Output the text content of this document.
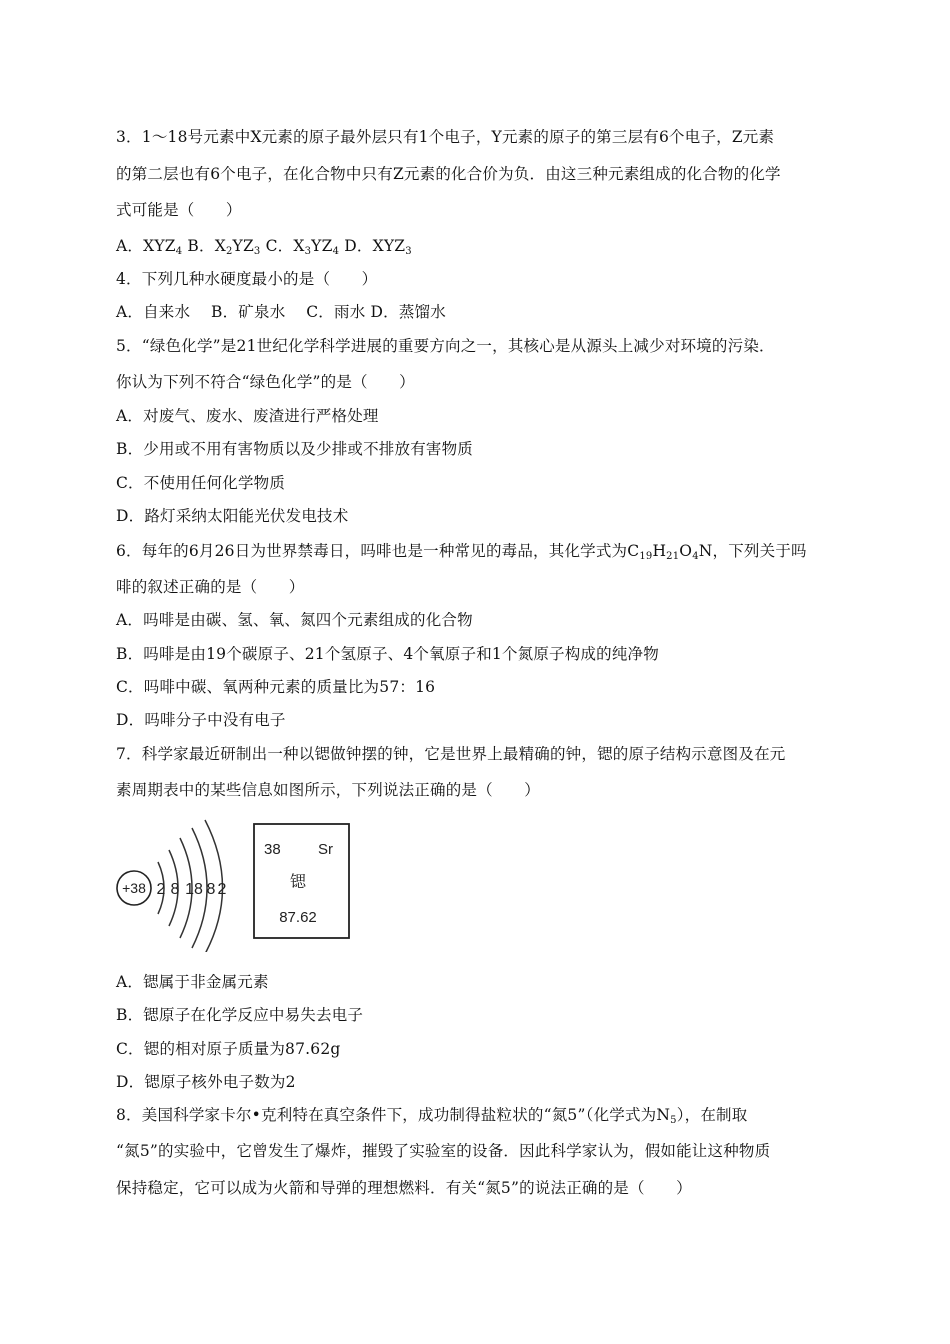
3．1～18号元素中X元素的原子最外层只有1个电子，Y元素的原子的第三层有6个电子，Z元素
的第二层也有6个电子，在化合物中只有Z元素的化合价为负．由这三种元素组成的化合物的化学
式可能是（　　）
A．$XYZ_4$ B．$X_2YZ_3$ C．$X_3YZ_4$ D．$XYZ_3$
4．下列几种水硬度最小的是（　　）
A．自来水　 B．矿泉水　 C．雨水 D．蒸馏水
5．“绿色化学”是21世纪化学科学进展的重要方向之一，其核心是从源头上减少对环境的污染．
你认为下列不符合“绿色化学”的是（　　）
A．对废气、废水、废渣进行严格处理
B．少用或不用有害物质以及少排或不排放有害物质
C．不使用任何化学物质
D．路灯采纳太阳能光伏发电技术
6．每年的6月26日为世界禁毒日，吗啡也是一种常见的毒品，其化学式为$C_{19}H_{21}O_4N$，下列关于吗
啡的叙述正确的是（　　）
A．吗啡是由碳、氢、氧、氮四个元素组成的化合物
B．吗啡是由19个碳原子、21个氢原子、4个氧原子和1个氮原子构成的纯净物
C．吗啡中碳、氧两种元素的质量比为57：16
D．吗啡分子中没有电子
7．科学家最近研制出一种以锶做钟摆的钟，它是世界上最精确的钟，锶的原子结构示意图及在元
素周期表中的某些信息如图所示，下列说法正确的是（　　）
+38 2 8 18 8 2
38 Sr
锶
87.62
A．锶属于非金属元素
B．锶原子在化学反应中易失去电子
C．锶的相对原子质量为87.62g
D．锶原子核外电子数为2
8．美国科学家卡尔•克利特在真空条件下，成功制得盐粒状的“氮5”（化学式为$N_5$），在制取
“氮5”的实验中，它曾发生了爆炸，摧毁了实验室的设备．因此科学家认为，假如能让这种物质
保持稳定，它可以成为火箭和导弹的理想燃料．有关“氮5”的说法正确的是（　　）
